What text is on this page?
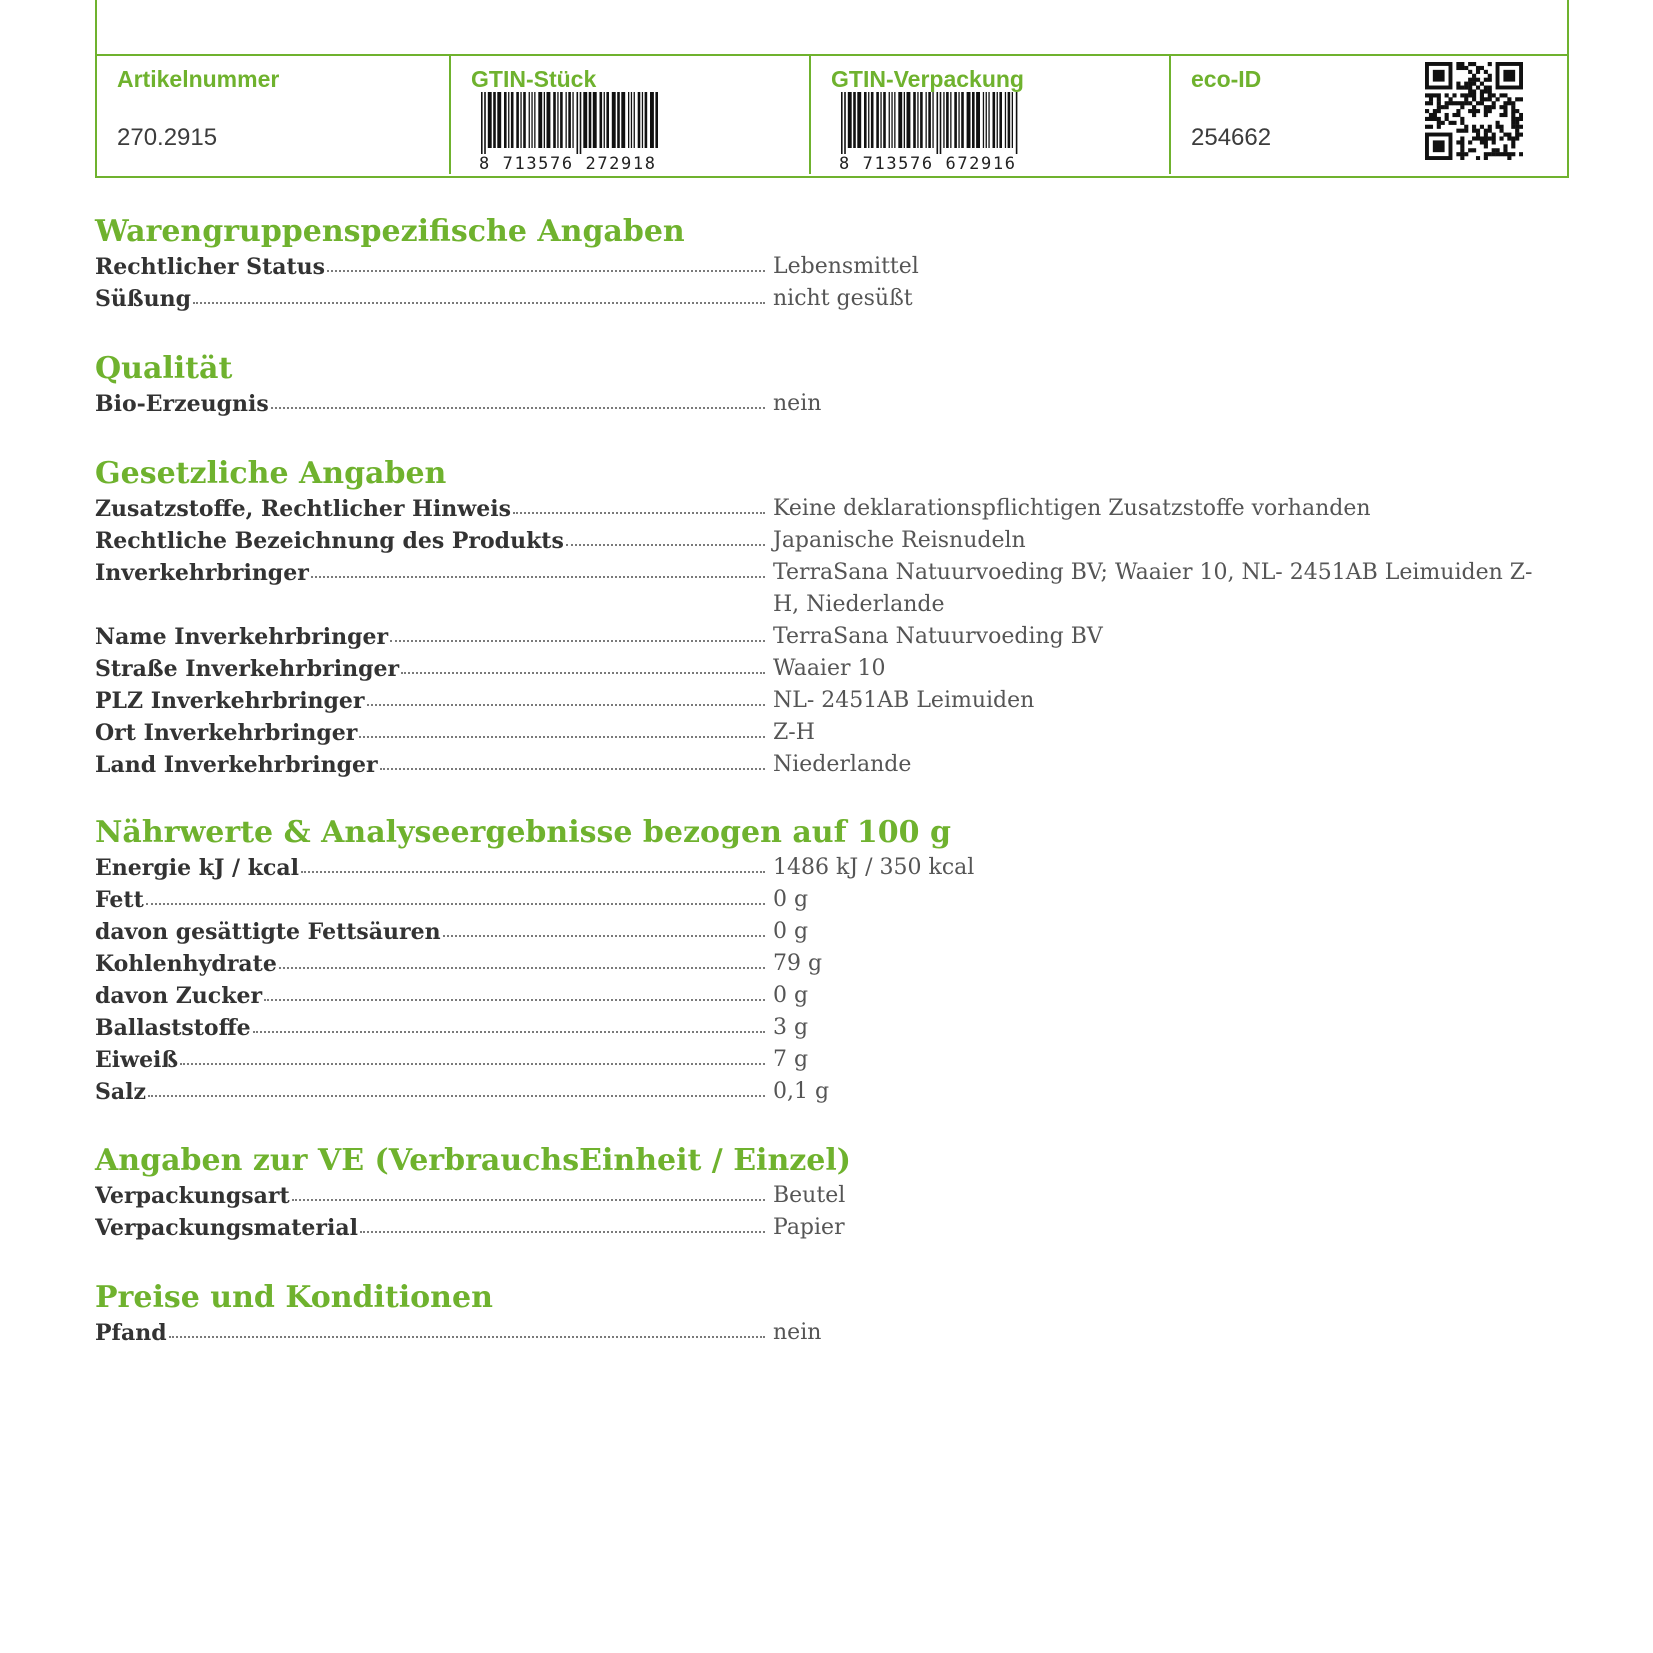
Artikelnummer
270.2915
GTIN-Stück
8 713576 272918
GTIN-Verpackung
8 713576 672916
eco-ID
254662
Warengruppenspezifische Angaben
Rechtlicher Status	Lebensmittel
Süßung	nicht gesüßt
Qualität
Bio-Erzeugnis	nein
Gesetzliche Angaben
Zusatzstoffe, Rechtlicher Hinweis	Keine deklarationspflichtigen Zusatzstoffe vorhanden
Rechtliche Bezeichnung des Produkts	Japanische Reisnudeln
Inverkehrbringer	TerraSana Natuurvoeding BV; Waaier 10, NL- 2451AB Leimuiden Z-H, Niederlande
Name Inverkehrbringer	TerraSana Natuurvoeding BV
Straße Inverkehrbringer	Waaier 10
PLZ Inverkehrbringer	NL- 2451AB Leimuiden
Ort Inverkehrbringer	Z-H
Land Inverkehrbringer	Niederlande
Nährwerte & Analyseergebnisse bezogen auf 100 g
Energie kJ / kcal	1486 kJ / 350 kcal
Fett	0 g
davon gesättigte Fettsäuren	0 g
Kohlenhydrate	79 g
davon Zucker	0 g
Ballaststoffe	3 g
Eiweiß	7 g
Salz	0,1 g
Angaben zur VE (VerbrauchsEinheit / Einzel)
Verpackungsart	Beutel
Verpackungsmaterial	Papier
Preise und Konditionen
Pfand	nein
